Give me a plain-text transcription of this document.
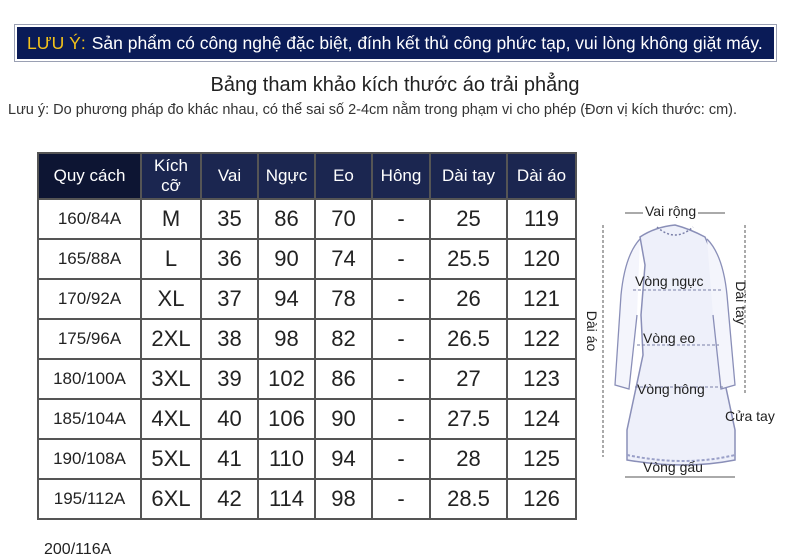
LƯU Ý: Sản phẩm có công nghệ đặc biệt, đính kết thủ công phức tạp, vui lòng không giặt máy.
Bảng tham khảo kích thước áo trải phẳng
Lưu ý: Do phương pháp đo khác nhau, có thể sai số 2-4cm nằm trong phạm vi cho phép (Đơn vị kích thước: cm).
Quy cách	Kích cỡ	Vai	Ngực	Eo	Hông	Dài tay	Dài áo
160/84A	M	35	86	70	-	25	119
165/88A	L	36	90	74	-	25.5	120
170/92A	XL	37	94	78	-	26	121
175/96A	2XL	38	98	82	-	26.5	122
180/100A	3XL	39	102	86	-	27	123
185/104A	4XL	40	106	90	-	27.5	124
190/108A	5XL	41	110	94	-	28	125
195/112A	6XL	42	114	98	-	28.5	126
200/116A
Vai rộng
Vòng ngực
Vòng eo
Vòng hông
Vòng gấu
Cửa tay
Dài áo
Dài tay
